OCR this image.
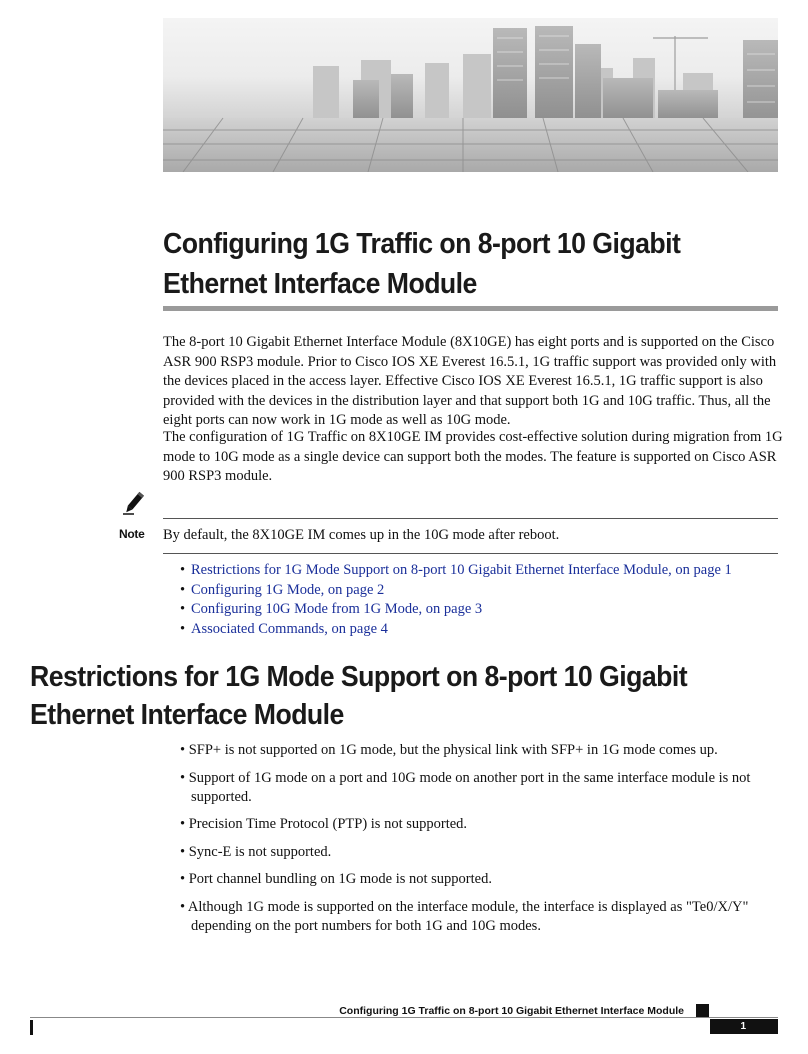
Configuring 1G Traffic on 8-port 10 Gigabit Ethernet Interface Module

The 8-port 10 Gigabit Ethernet Interface Module (8X10GE) has eight ports and is supported on the Cisco ASR 900 RSP3 module. Prior to Cisco IOS XE Everest 16.5.1, 1G traffic support was provided only with the devices placed in the access layer. Effective Cisco IOS XE Everest 16.5.1, 1G traffic support is also provided with the devices in the distribution layer and that support both 1G and 10G traffic. Thus, all the eight ports can now work in 1G mode as well as 10G mode.

The configuration of 1G Traffic on 8X10GE IM provides cost-effective solution during migration from 1G mode to 10G mode as a single device can support both the modes. The feature is supported on Cisco ASR 900 RSP3 module.

Note By default, the 8X10GE IM comes up in the 10G mode after reboot.
• Restrictions for 1G Mode Support on 8-port 10 Gigabit Ethernet Interface Module, on page 1
• Configuring 1G Mode, on page 2
• Configuring 10G Mode from 1G Mode, on page 3
• Associated Commands, on page 4
Restrictions for 1G Mode Support on 8-port 10 Gigabit Ethernet Interface Module
• SFP+ is not supported on 1G mode, but the physical link with SFP+ in 1G mode comes up.
• Support of 1G mode on a port and 10G mode on another port in the same interface module is not supported.
• Precision Time Protocol (PTP) is not supported.
• Sync-E is not supported.
• Port channel bundling on 1G mode is not supported.
• Although 1G mode is supported on the interface module, the interface is displayed as "Te0/X/Y" depending on the port numbers for both 1G and 10G modes.
Configuring 1G Traffic on 8-port 10 Gigabit Ethernet Interface Module
1
